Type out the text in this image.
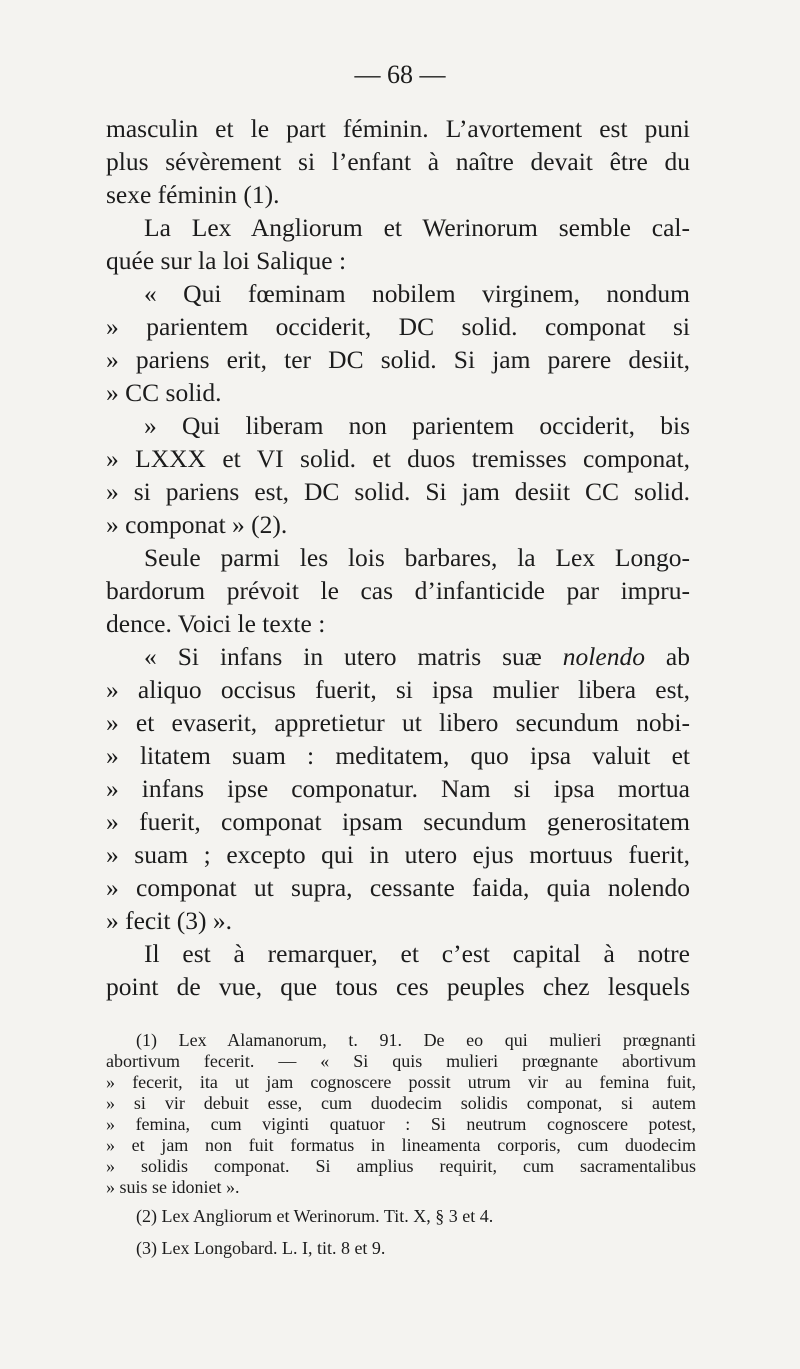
— 68 —
masculin et le part féminin. L’avortement est puni
plus sévèrement si l’enfant à naître devait être du
sexe féminin (1).
La Lex Angliorum et Werinorum semble cal-
quée sur la loi Salique :
« Qui fœminam nobilem virginem, nondum
» parientem occiderit, DC solid. componat si
» pariens erit, ter DC solid. Si jam parere desiit,
» CC solid.
» Qui liberam non parientem occiderit, bis
» LXXX et VI solid. et duos tremisses componat,
» si pariens est, DC solid. Si jam desiit CC solid.
» componat » (2).
Seule parmi les lois barbares, la Lex Longo-
bardorum prévoit le cas d’infanticide par impru-
dence. Voici le texte :
« Si infans in utero matris suæ nolendo ab
» aliquo occisus fuerit, si ipsa mulier libera est,
» et evaserit, appretietur ut libero secundum nobi-
» litatem suam : meditatem, quo ipsa valuit et
» infans ipse componatur. Nam si ipsa mortua
» fuerit, componat ipsam secundum generositatem
» suam ; excepto qui in utero ejus mortuus fuerit,
» componat ut supra, cessante faida, quia nolendo
» fecit (3) ».
Il est à remarquer, et c’est capital à notre
point de vue, que tous ces peuples chez lesquels
(1) Lex Alamanorum, t. 91. De eo qui mulieri prœgnanti
abortivum fecerit. — « Si quis mulieri prœgnante abortivum
» fecerit, ita ut jam cognoscere possit utrum vir au femina fuit,
» si vir debuit esse, cum duodecim solidis componat, si autem
» femina, cum viginti quatuor : Si neutrum cognoscere potest,
» et jam non fuit formatus in lineamenta corporis, cum duodecim
» solidis componat. Si amplius requirit, cum sacramentalibus
» suis se idoniet ».
(2) Lex Angliorum et Werinorum. Tit. X, § 3 et 4.
(3) Lex Longobard. L. I, tit. 8 et 9.
